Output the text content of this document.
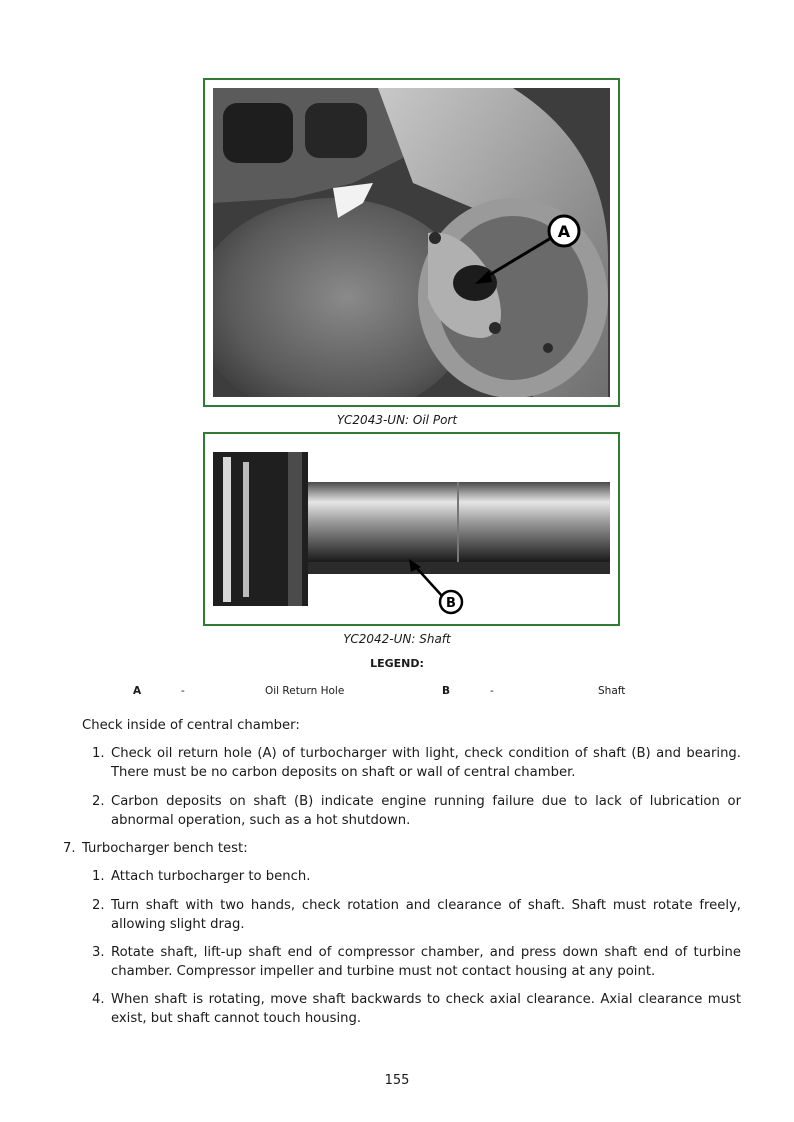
A
YC2043-UN: Oil Port
B
YC2042-UN: Shaft
LEGEND:
A	-	Oil Return Hole	B	-	Shaft
Check inside of central chamber:
1. Check oil return hole (A) of turbocharger with light, check condition of shaft (B) and bearing. There must be no carbon deposits on shaft or wall of central chamber.
2. Carbon deposits on shaft (B) indicate engine running failure due to lack of lubrication or abnormal operation, such as a hot shutdown.
7. Turbocharger bench test:
1. Attach turbocharger to bench.
2. Turn shaft with two hands, check rotation and clearance of shaft. Shaft must rotate freely, allowing slight drag.
3. Rotate shaft, lift-up shaft end of compressor chamber, and press down shaft end of turbine chamber. Compressor impeller and turbine must not contact housing at any point.
4. When shaft is rotating, move shaft backwards to check axial clearance. Axial clearance must exist, but shaft cannot touch housing.
155
